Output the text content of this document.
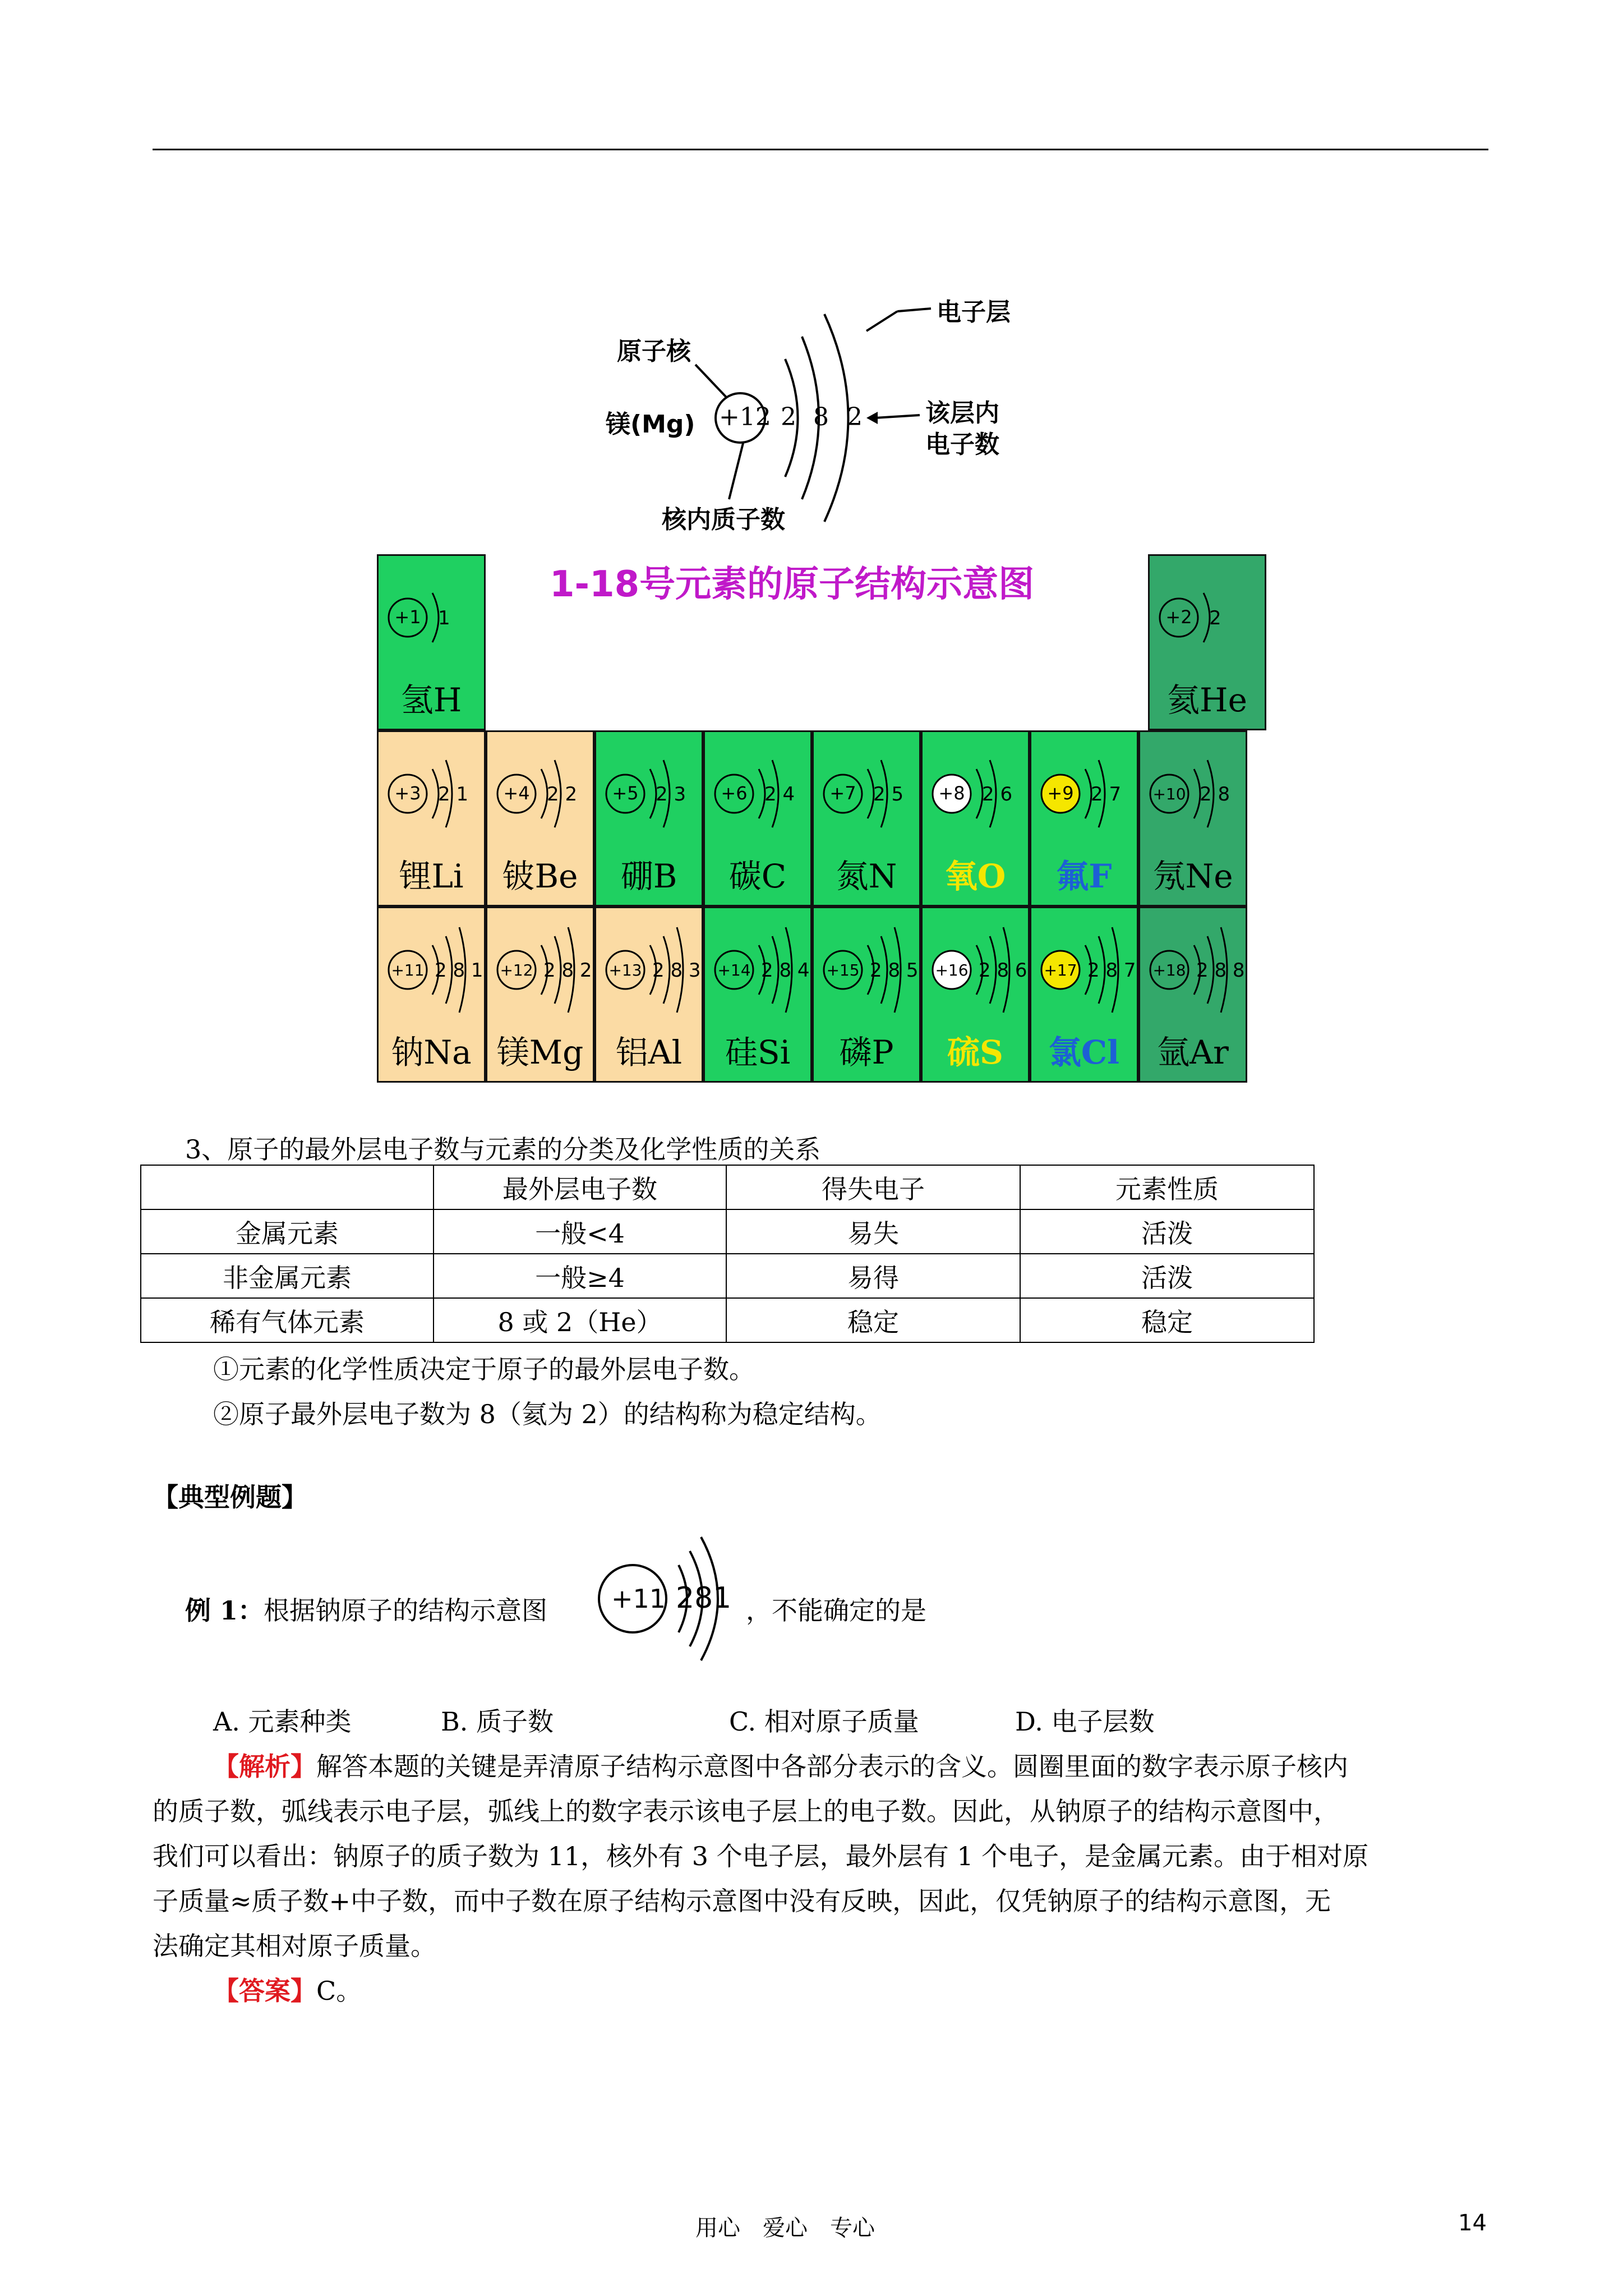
原子核
镁(Mg) +12 2 8 2
电子层
该层内
电子数
核内质子数
1-18号元素的原子结构示意图
+1 1
氢H
+2 2
氦He
+3 2 1
锂Li
+4 2 2
铍Be
+5 2 3
硼B
+6 2 4
碳C
+7 2 5
氮N
+8 2 6
氧O
+9 2 7
氟F
+10 2 8
氖Ne
+11 2 8 1
钠Na
+12 2 8 2
镁Mg
+13 2 8 3
铝Al
+14 2 8 4
硅Si
+15 2 8 5
磷P
+16 2 8 6
硫S
+17 2 8 7
氯Cl
+18 2 8 8
氩Ar
3、原子的最外层电子数与元素的分类及化学性质的关系
	最外层电子数	得失电子	元素性质
金属元素	一般<4	易失	活泼
非金属元素	一般≥4	易得	活泼
稀有气体元素	8 或 2（He）	稳定	稳定
①元素的化学性质决定于原子的最外层电子数。
②原子最外层电子数为 8（氦为 2）的结构称为稳定结构。
【典型例题】
例 1：根据钠原子的结构示意图 +11 281 ，不能确定的是
A. 元素种类	B. 质子数	C. 相对原子质量	D. 电子层数
【解析】解答本题的关键是弄清原子结构示意图中各部分表示的含义。圆圈里面的数字表示原子核内
的质子数，弧线表示电子层，弧线上的数字表示该电子层上的电子数。因此，从钠原子的结构示意图中，
我们可以看出：钠原子的质子数为 11，核外有 3 个电子层，最外层有 1 个电子，是金属元素。由于相对原
子质量≈质子数+中子数，而中子数在原子结构示意图中没有反映，因此，仅凭钠原子的结构示意图，无
法确定其相对原子质量。
【答案】C。
用心　爱心　专心	14
